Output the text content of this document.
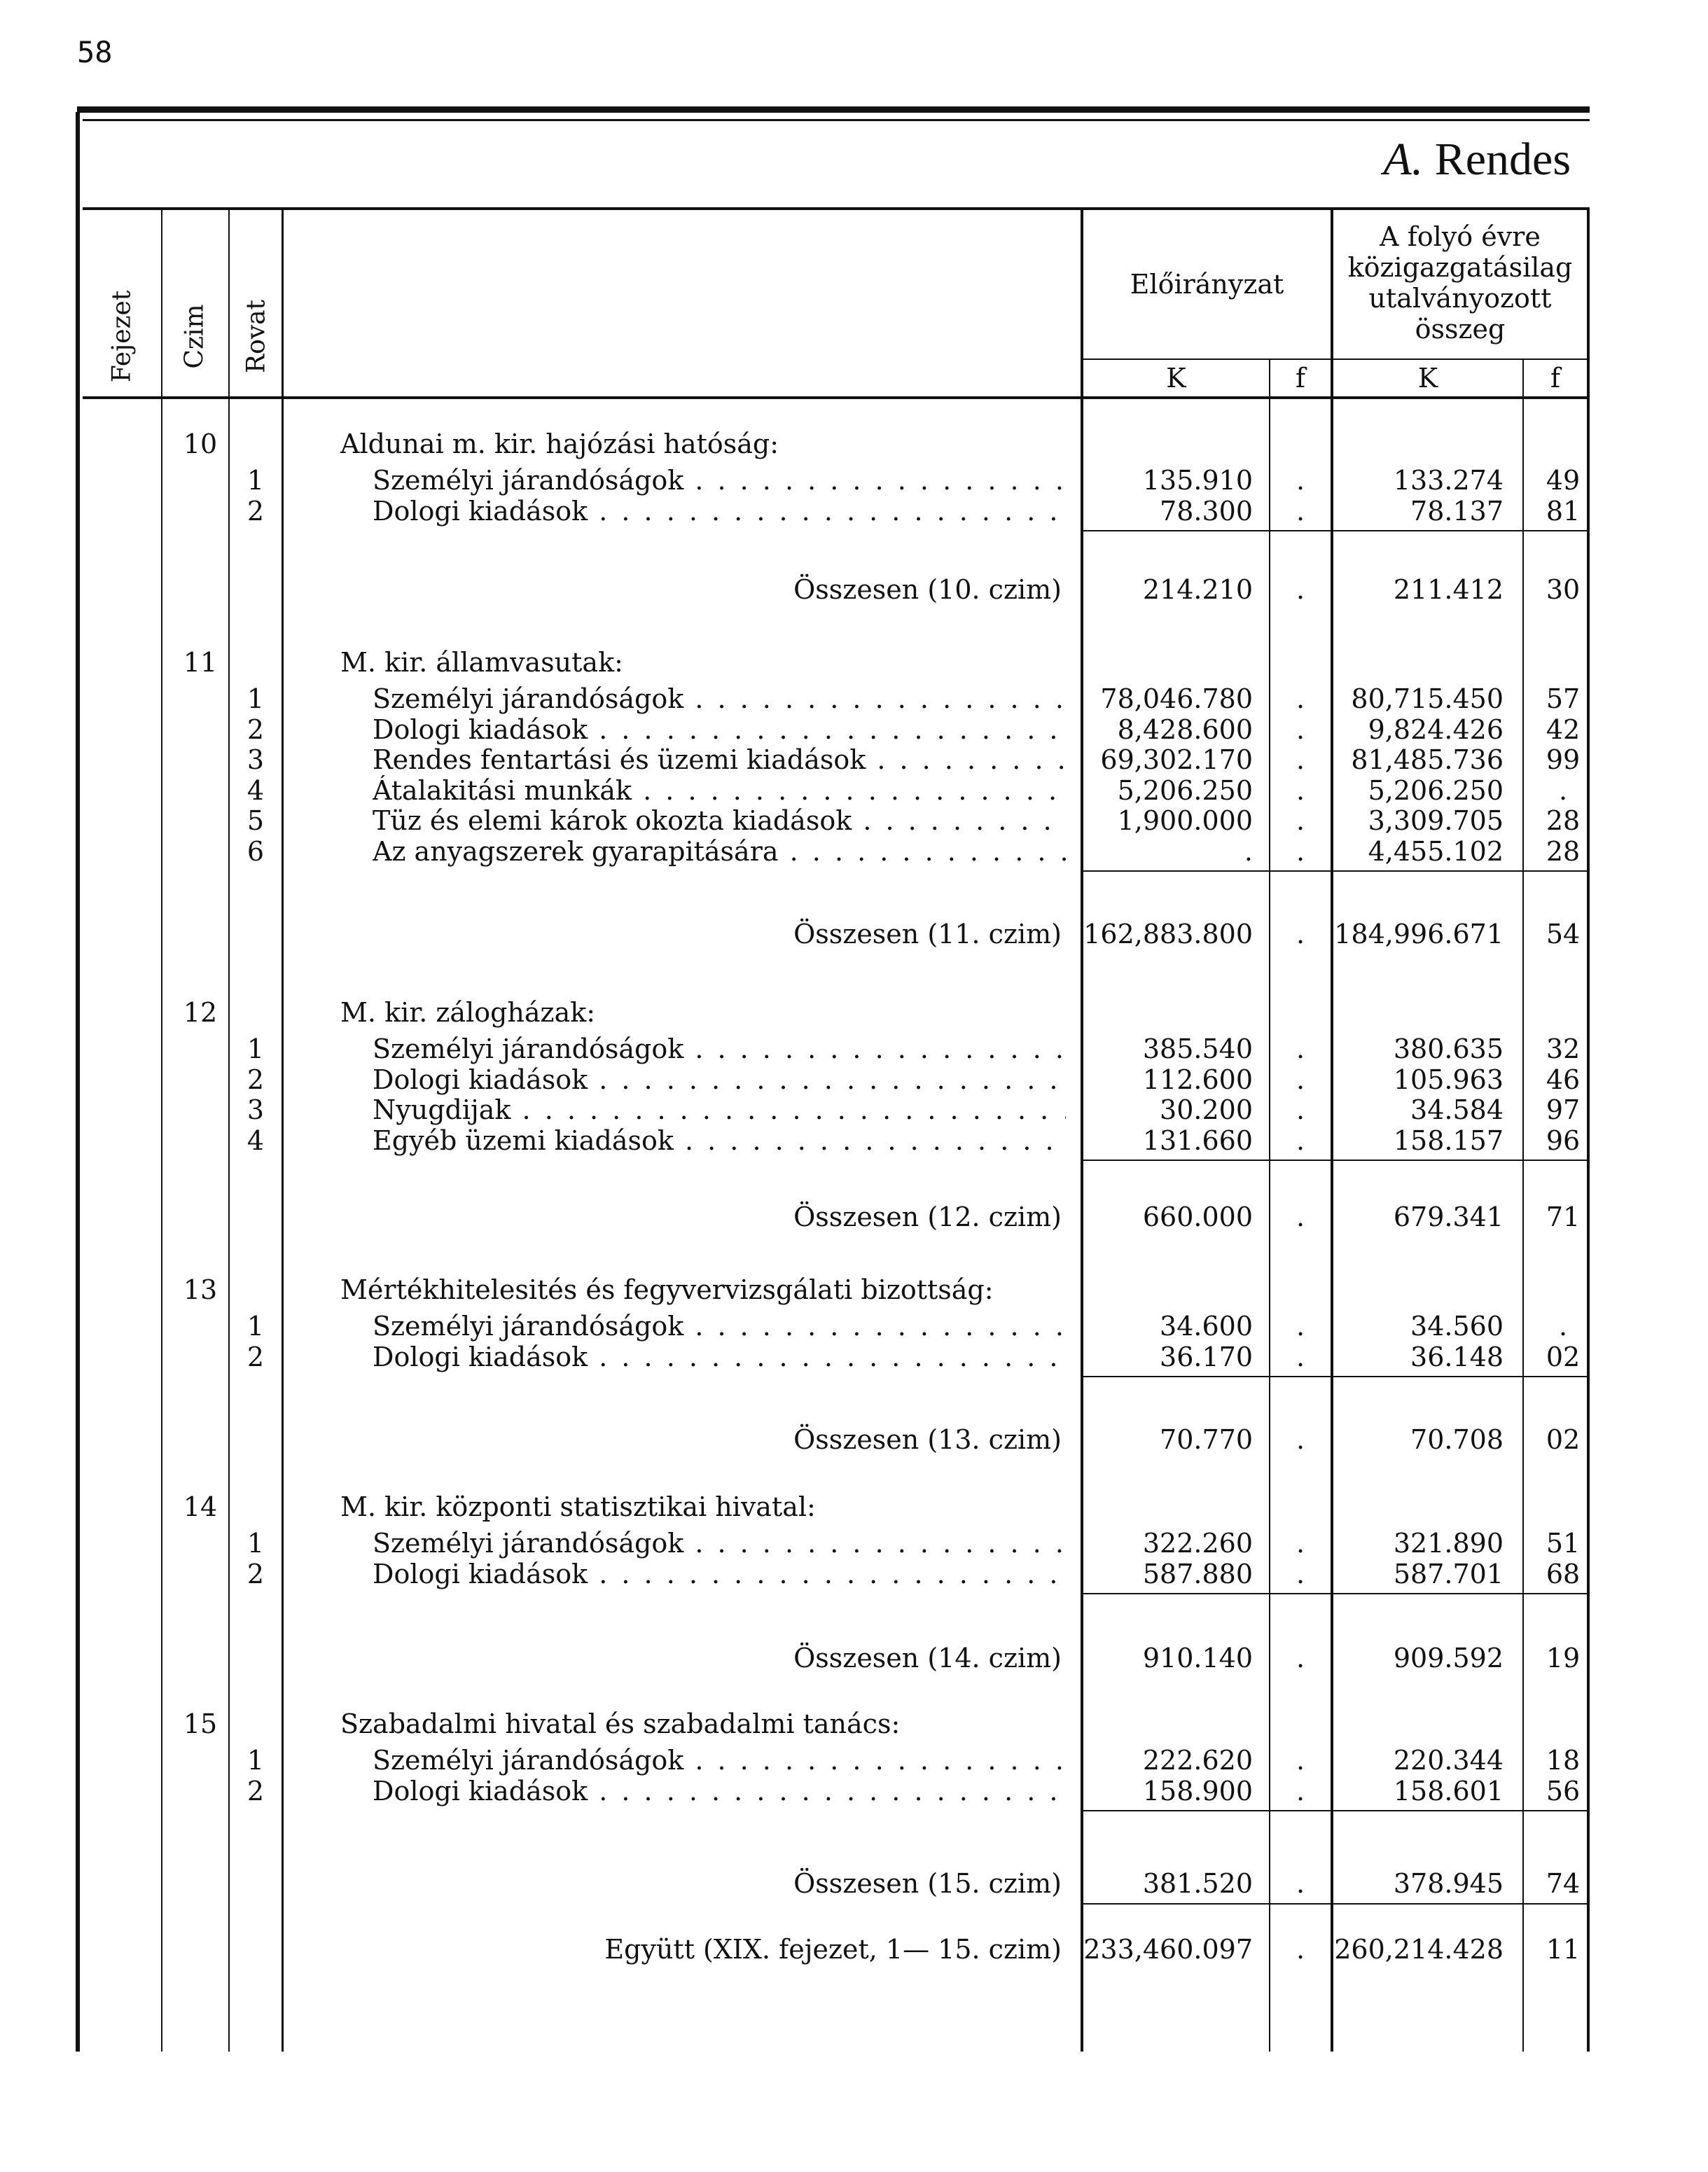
58
A. Rendes
Fejezet Czim Rovat
Előirányzat
A folyó évre
közigazgatásilag
utalványozott
összeg
K	f	K	f
10	Aldunai m. kir. hajózási hatóság:
1	Személyi járandóságok . . .	135.910	.	133.274	49
2	Dologi kiadások . . .	78.300	.	78.137	81
Összesen (10. czim)	214.210	.	211.412	30
11	M. kir. államvasutak:
1	Személyi járandóságok . . .	78,046.780	.	80,715.450	57
2	Dologi kiadások . . .	8,428.600	.	9,824.426	42
3	Rendes fentartási és üzemi kiadások . . .	69,302.170	.	81,485.736	99
4	Átalakitási munkák . . .	5,206.250	.	5,206.250	.
5	Tüz és elemi károk okozta kiadások . . .	1,900.000	.	3,309.705	28
6	Az anyagszerek gyarapitására . . .	.	.	4,455.102	28
Összesen (11. czim) 162,883.800	.	184,996.671	54
12	M. kir. zálogházak:
1	Személyi járandóságok . . .	385.540	.	380.635	32
2	Dologi kiadások . . .	112.600	.	105.963	46
3	Nyugdijak . . .	30.200	.	34.584	97
4	Egyéb üzemi kiadások . . .	131.660	.	158.157	96
Összesen (12. czim)	660.000	.	679.341	71
13	Mértékhitelesités és fegyvervizsgálati bizottság:
1	Személyi járandóságok . . .	34.600	.	34.560	.
2	Dologi kiadások . . .	36.170	.	36.148	02
Összesen (13. czim)	70.770	.	70.708	02
14	M. kir. központi statisztikai hivatal:
1	Személyi járandóságok . . .	322.260	.	321.890	51
2	Dologi kiadások . . .	587.880	.	587.701	68
Összesen (14. czim)	910.140	.	909.592	19
15	Szabadalmi hivatal és szabadalmi tanács:
1	Személyi járandóságok . . .	222.620	.	220.344	18
2	Dologi kiadások . . .	158.900	.	158.601	56
Összesen (15. czim)	381.520	.	378.945	74
Együtt (XIX. fejezet, 1— 15. czim) 233,460.097	.	260,214.428	11
